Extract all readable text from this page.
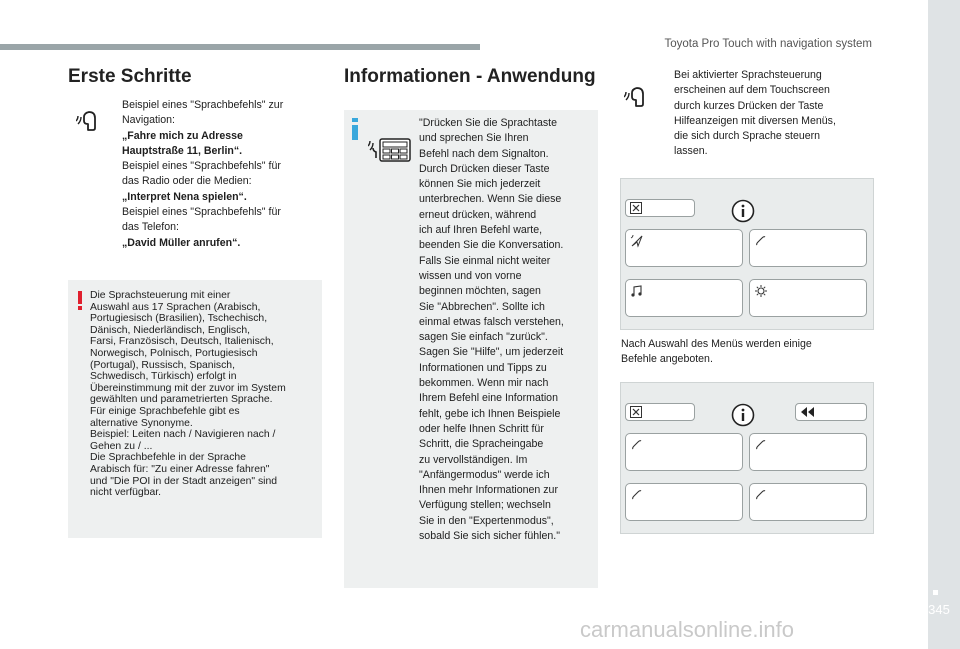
Toyota Pro Touch with navigation system
345
carmanualsonline.info
Erste Schritte

Beispiel eines "Sprachbefehls" zur

Navigation:

„Fahre mich zu Adresse

Hauptstraße 11, Berlin“.

Beispiel eines "Sprachbefehls" für

das Radio oder die Medien:

„Interpret Nena spielen“.

Beispiel eines "Sprachbefehls" für

das Telefon:

„David Müller anrufen“.

Die Sprachsteuerung mit einer

Auswahl aus 17 Sprachen (Arabisch,

Portugiesisch (Brasilien), Tschechisch,

Dänisch, Niederländisch, Englisch,

Farsi, Französisch, Deutsch, Italienisch,

Norwegisch, Polnisch, Portugiesisch

(Portugal), Russisch, Spanisch,

Schwedisch, Türkisch) erfolgt in

Übereinstimmung mit der zuvor im System

gewählten und parametrierten Sprache.

Für einige Sprachbefehle gibt es

alternative Synonyme.

Beispiel: Leiten nach / Navigieren nach /

Gehen zu / ...

Die Sprachbefehle in der Sprache

Arabisch für: "Zu einer Adresse fahren"

und "Die POI in der Stadt anzeigen" sind

nicht verfügbar.

Informationen - Anwendung

"Drücken Sie die Sprachtaste

und sprechen Sie Ihren

Befehl nach dem Signalton.

Durch Drücken dieser Taste

können Sie mich jederzeit

unterbrechen. Wenn Sie diese

erneut drücken, während

ich auf Ihren Befehl warte,

beenden Sie die Konversation.

Falls Sie einmal nicht weiter

wissen und von vorne

beginnen möchten, sagen

Sie "Abbrechen". Sollte ich

einmal etwas falsch verstehen,

sagen Sie einfach "zurück".

Sagen Sie "Hilfe", um jederzeit

Informationen und Tipps zu

bekommen. Wenn mir nach

Ihrem Befehl eine Information

fehlt, gebe ich Ihnen Beispiele

oder helfe Ihnen Schritt für

Schritt, die Spracheingabe

zu vervollständigen. Im

"Anfängermodus" werde ich

Ihnen mehr Informationen zur

Verfügung stellen; wechseln

Sie in den "Expertenmodus",

sobald Sie sich sicher fühlen."

Bei aktivierter Sprachsteuerung

erscheinen auf dem Touchscreen

durch kurzes Drücken der Taste

Hilfeanzeigen mit diversen Menüs,

die sich durch Sprache steuern

lassen.

Nach Auswahl des Menüs werden einige

Befehle angeboten.
